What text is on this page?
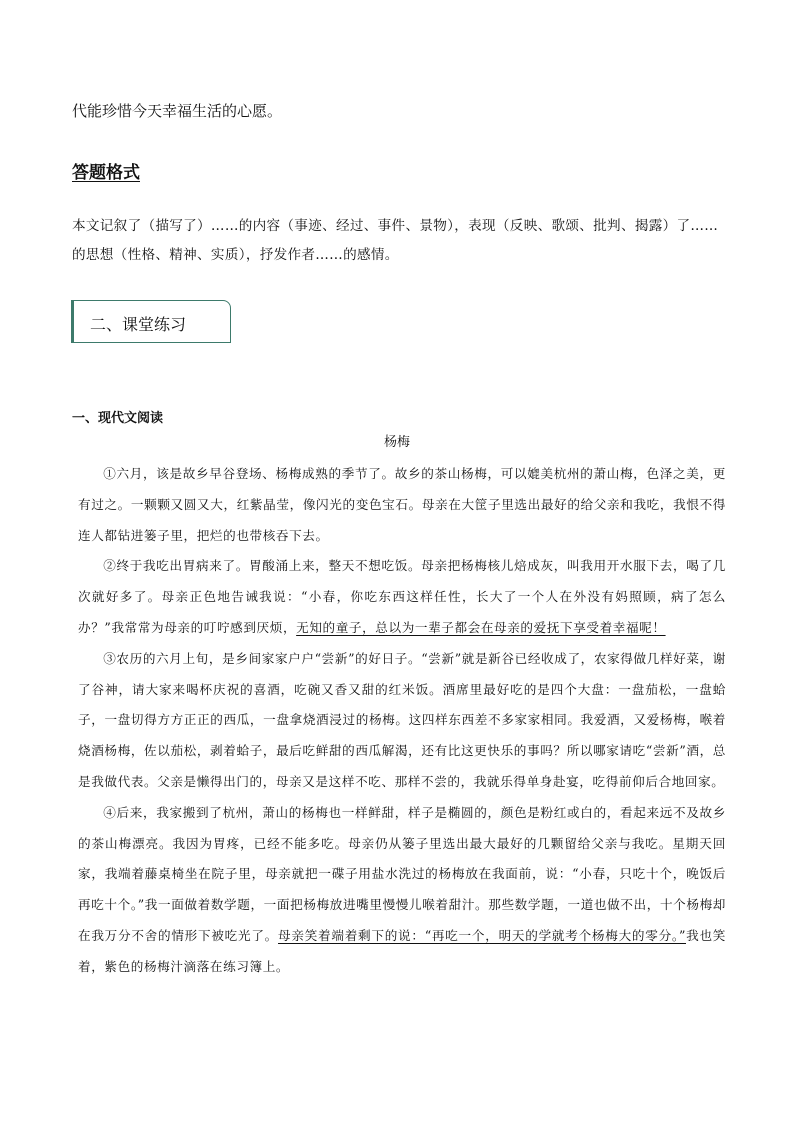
代能珍惜今天幸福生活的心愿。
答题格式
本文记叙了（描写了）……的内容（事迹、经过、事件、景物），表现（反映、歌颂、批判、揭露）了……的思想（性格、精神、实质），抒发作者……的感情。
二、课堂练习
一、现代文阅读
杨梅

①六月，该是故乡早谷登场、杨梅成熟的季节了。故乡的茶山杨梅，可以媲美杭州的萧山梅，色泽之美，更有过之。一颗颗又圆又大，红紫晶莹，像闪光的变色宝石。母亲在大筐子里选出最好的给父亲和我吃，我恨不得连人都钻进篓子里，把烂的也带核吞下去。

②终于我吃出胃病来了。胃酸涌上来，整天不想吃饭。母亲把杨梅核儿焙成灰，叫我用开水服下去，喝了几次就好多了。母亲正色地告诫我说：“小春，你吃东西这样任性，长大了一个人在外没有妈照顾，病了怎么办？”我常常为母亲的叮咛感到厌烦，无知的童子，总以为一辈子都会在母亲的爱抚下享受着幸福呢！

③农历的六月上旬，是乡间家家户户“尝新”的好日子。“尝新”就是新谷已经收成了，农家得做几样好菜，谢了谷神，请大家来喝杯庆祝的喜酒，吃碗又香又甜的红米饭。酒席里最好吃的是四个大盘：一盘茄松，一盘蛤子，一盘切得方方正正的西瓜，一盘拿烧酒浸过的杨梅。这四样东西差不多家家相同。我爱酒，又爱杨梅，喉着烧酒杨梅，佐以茄松，剥着蛤子，最后吃鲜甜的西瓜解渴，还有比这更快乐的事吗？所以哪家请吃“尝新”酒，总是我做代表。父亲是懒得出门的，母亲又是这样不吃、那样不尝的，我就乐得单身赴宴，吃得前仰后合地回家。

④后来，我家搬到了杭州，萧山的杨梅也一样鲜甜，样子是椭圆的，颜色是粉红或白的，看起来远不及故乡的茶山梅漂亮。我因为胃疼，已经不能多吃。母亲仍从篓子里选出最大最好的几颗留给父亲与我吃。星期天回家，我端着藤桌椅坐在院子里，母亲就把一碟子用盐水洗过的杨梅放在我面前，说：“小春，只吃十个，晚饭后再吃十个。”我一面做着数学题，一面把杨梅放进嘴里慢慢儿喉着甜汁。那些数学题，一道也做不出，十个杨梅却在我万分不舍的情形下被吃光了。母亲笑着端着剩下的说：“再吃一个，明天的学就考个杨梅大的零分。”我也笑着，紫色的杨梅汁滴落在练习簿上。
